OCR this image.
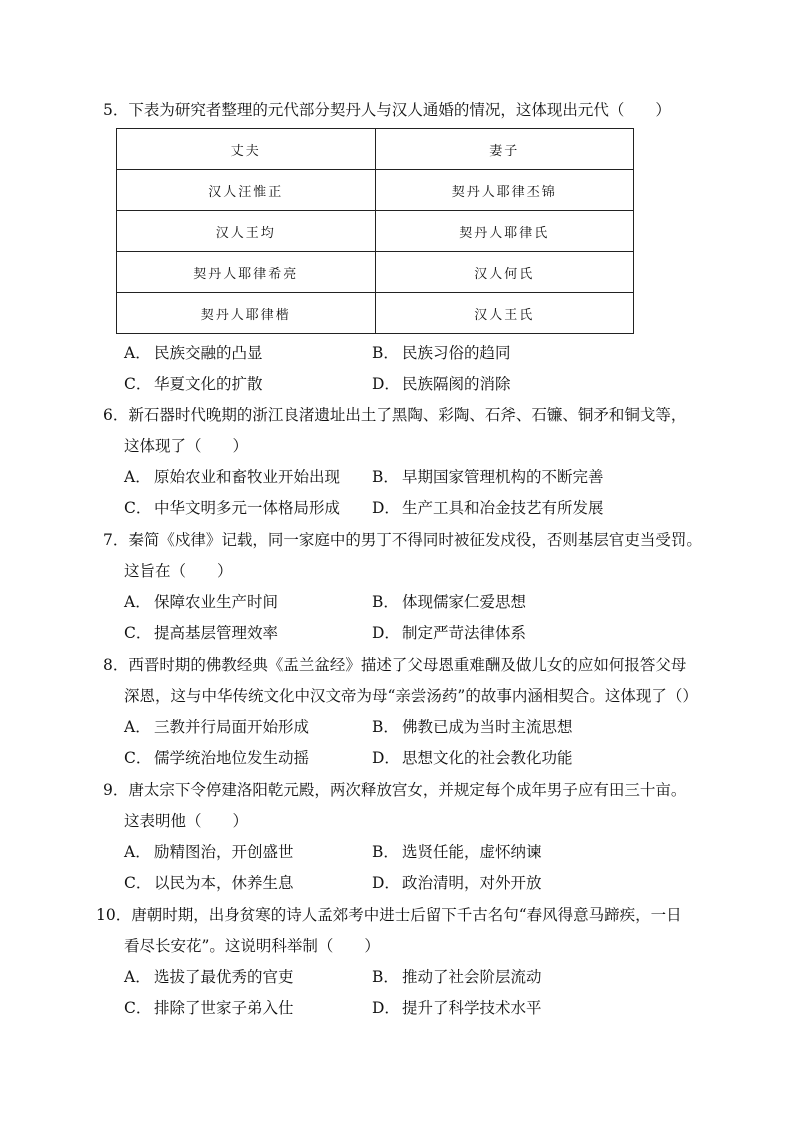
5．下表为研究者整理的元代部分契丹人与汉人通婚的情况，这体现出元代（　　）
丈夫	妻子
汉人汪惟正	契丹人耶律丕锦
汉人王均	契丹人耶律氏
契丹人耶律希亮	汉人何氏
契丹人耶律楷	汉人王氏
A． 民族交融的凸显	B． 民族习俗的趋同
C． 华夏文化的扩散	D． 民族隔阂的消除
6．新石器时代晚期的浙江良渚遗址出土了黑陶、彩陶、石斧、石镰、铜矛和铜戈等，
这体现了（　　）
A． 原始农业和畜牧业开始出现 B． 早期国家管理机构的不断完善
C． 中华文明多元一体格局形成 D． 生产工具和冶金技艺有所发展
7．秦简《戍律》记载，同一家庭中的男丁不得同时被征发戍役，否则基层官吏当受罚。
这旨在（　　）
A． 保障农业生产时间	B． 体现儒家仁爱思想
C． 提高基层管理效率	D． 制定严苛法律体系
8．西晋时期的佛教经典《盂兰盆经》描述了父母恩重难酬及做儿女的应如何报答父母
深恩，这与中华传统文化中汉文帝为母“亲尝汤药”的故事内涵相契合。这体现了（）
A． 三教并行局面开始形成	B． 佛教已成为当时主流思想
C． 儒学统治地位发生动摇	D． 思想文化的社会教化功能
9．唐太宗下令停建洛阳乾元殿，两次释放宫女，并规定每个成年男子应有田三十亩。
这表明他（　　）
A． 励精图治，开创盛世	B． 选贤任能，虚怀纳谏
C． 以民为本，休养生息	D． 政治清明，对外开放
10．唐朝时期，出身贫寒的诗人孟郊考中进士后留下千古名句“春风得意马蹄疾，一日
看尽长安花”。这说明科举制（　　）
A． 选拔了最优秀的官吏	B． 推动了社会阶层流动
C． 排除了世家子弟入仕	D． 提升了科学技术水平
